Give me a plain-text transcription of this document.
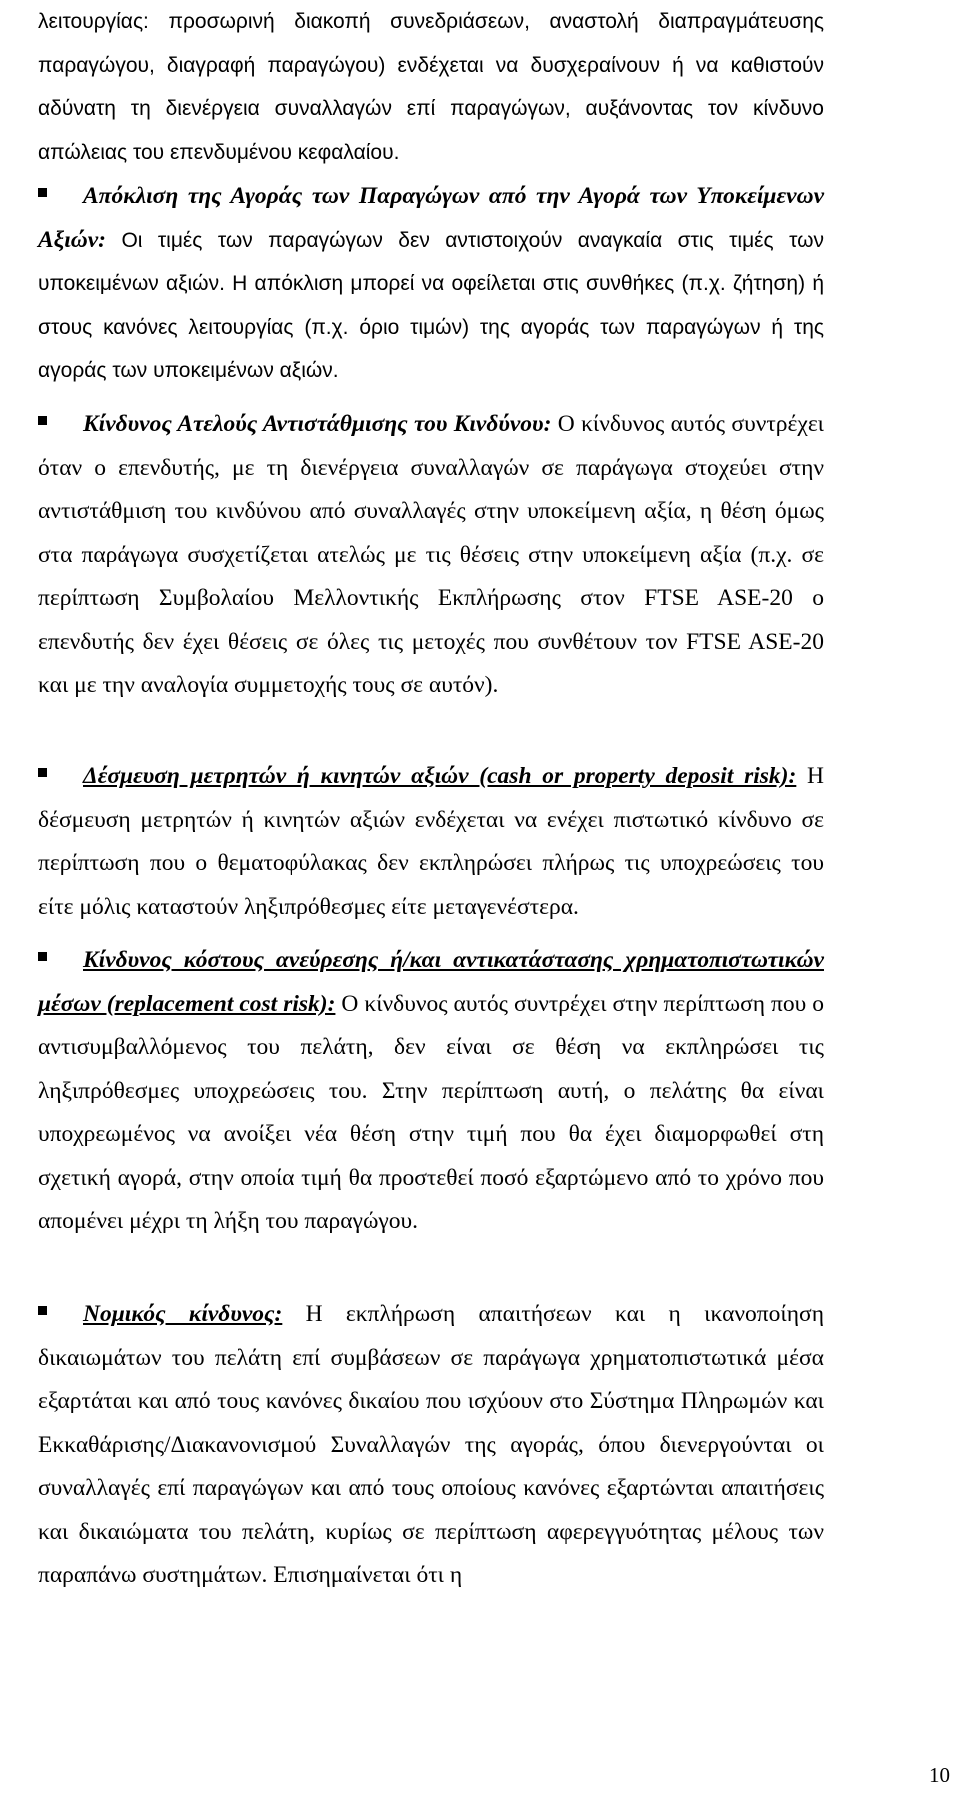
λειτουργίας: προσωρινή διακοπή συνεδριάσεων, αναστολή διαπραγμάτευσης παραγώγου, διαγραφή παραγώγου) ενδέχεται να δυσχεραίνουν ή να καθιστούν αδύνατη τη διενέργεια συναλλαγών επί παραγώγων, αυξάνοντας τον κίνδυνο απώλειας του επενδυμένου κεφαλαίου.

Απόκλιση της Αγοράς των Παραγώγων από την Αγορά των Υποκείμενων Αξιών: Οι τιμές των παραγώγων δεν αντιστοιχούν αναγκαία στις τιμές των υποκειμένων αξιών. Η απόκλιση μπορεί να οφείλεται στις συνθήκες (π.χ. ζήτηση) ή στους κανόνες λειτουργίας (π.χ. όριο τιμών) της αγοράς των παραγώγων ή της αγοράς των υποκειμένων αξιών.

Κίνδυνος Ατελούς Αντιστάθμισης του Κινδύνου: Ο κίνδυνος αυτός συντρέχει όταν ο επενδυτής, με τη διενέργεια συναλλαγών σε παράγωγα στοχεύει στην αντιστάθμιση του κινδύνου από συναλλαγές στην υποκείμενη αξία, η θέση όμως στα παράγωγα συσχετίζεται ατελώς με τις θέσεις στην υποκείμενη αξία (π.χ. σε περίπτωση Συμβολαίου Μελλοντικής Εκπλήρωσης στον FTSE ASE-20 ο επενδυτής δεν έχει θέσεις σε όλες τις μετοχές που συνθέτουν τον FTSE ASE-20 και με την αναλογία συμμετοχής τους σε αυτόν).

Δέσμευση μετρητών ή κινητών αξιών (cash or property deposit risk): Η δέσμευση μετρητών ή κινητών αξιών ενδέχεται να ενέχει πιστωτικό κίνδυνο σε περίπτωση που ο θεματοφύλακας δεν εκπληρώσει πλήρως τις υποχρεώσεις του είτε μόλις καταστούν ληξιπρόθεσμες είτε μεταγενέστερα.

Κίνδυνος κόστους ανεύρεσης ή/και αντικατάστασης χρηματοπιστωτικών μέσων (replacement cost risk): Ο κίνδυνος αυτός συντρέχει στην περίπτωση που ο αντισυμβαλλόμενος του πελάτη, δεν είναι σε θέση να εκπληρώσει τις ληξιπρόθεσμες υποχρεώσεις του. Στην περίπτωση αυτή, ο πελάτης θα είναι υποχρεωμένος να ανοίξει νέα θέση στην τιμή που θα έχει διαμορφωθεί στη σχετική αγορά, στην οποία τιμή θα προστεθεί ποσό εξαρτώμενο από το χρόνο που απομένει μέχρι τη λήξη του παραγώγου.

Νομικός κίνδυνος: Η εκπλήρωση απαιτήσεων και η ικανοποίηση δικαιωμάτων του πελάτη επί συμβάσεων σε παράγωγα χρηματοπιστωτικά μέσα εξαρτάται και από τους κανόνες δικαίου που ισχύουν στο Σύστημα Πληρωμών και Εκκαθάρισης/Διακανονισμού Συναλλαγών της αγοράς, όπου διενεργούνται οι συναλλαγές επί παραγώγων και από τους οποίους κανόνες εξαρτώνται απαιτήσεις και δικαιώματα του πελάτη, κυρίως σε περίπτωση αφερεγγυότητας μέλους των παραπάνω συστημάτων. Επισημαίνεται ότι η

10
